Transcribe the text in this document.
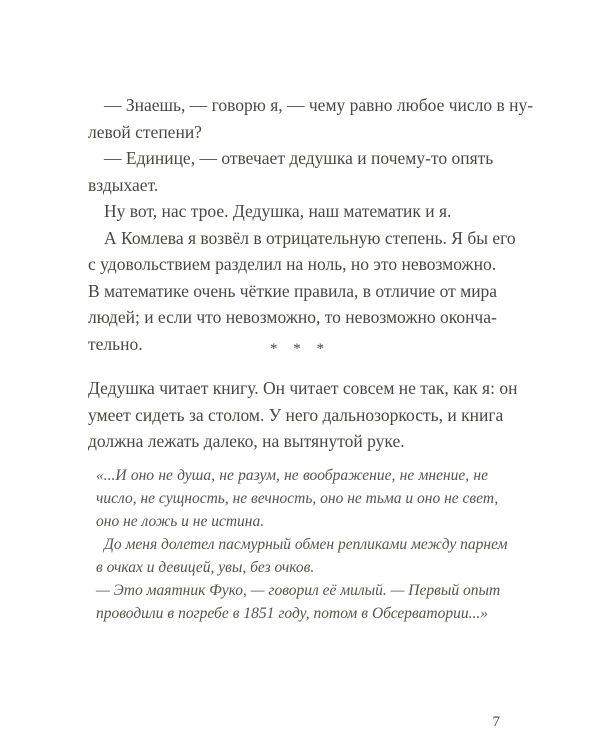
— Знаешь, — говорю я, — чему равно любое число в ну-
левой степени?
— Единице, — отвечает дедушка и почему-то опять
вздыхает.
Ну вот, нас трое. Дедушка, наш математик и я.
А Комлева я возвёл в отрицательную степень. Я бы его
с удовольствием разделил на ноль, но это невозможно.
В математике очень чёткие правила, в отличие от мира
людей; и если что невозможно, то невозможно оконча-
тельно.	* * *
Дедушка читает книгу. Он читает совсем не так, как я: он
умеет сидеть за столом. У него дальнозоркость, и книга
должна лежать далеко, на вытянутой руке.
«...И оно не душа, не разум, не воображение, не мнение, не
число, не сущность, не вечность, оно не тьма и оно не свет,
оно не ложь и не истина.
До меня долетел пасмурный обмен репликами между парнем
в очках и девицей, увы, без очков.
— Это маятник Фуко, — говорил её милый. — Первый опыт
проводили в погребе в 1851 году, потом в Обсерватории...»
7
